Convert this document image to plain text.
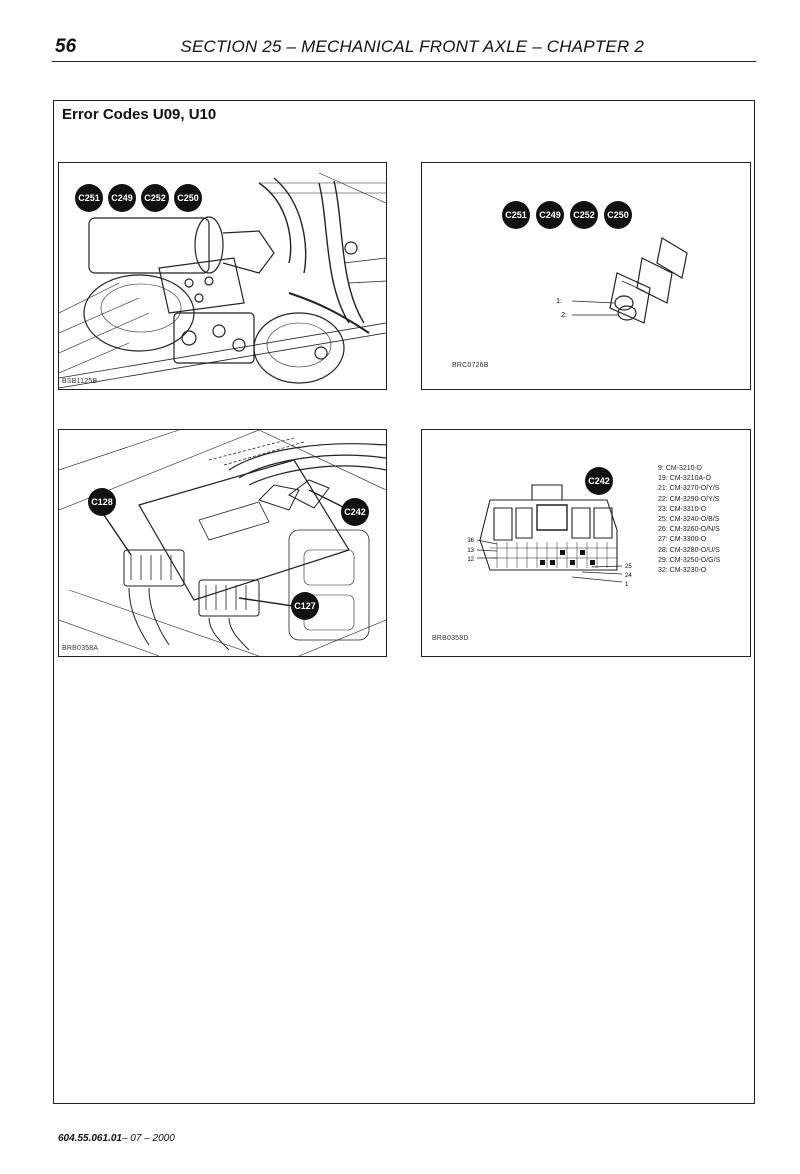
56	SECTION 25 – MECHANICAL FRONT AXLE – CHAPTER 2
Error Codes U09, U10
C251 C249 C252 C250
BSB1125B
C251 C249 C252 C250
1:
2:
BRC0726B
C128
C242
C127
BRB0358A
C242
36
13
12
25
24
1
9: CM-3210-D
19: CM-3210A-O
21: CM-3270-O/Y/S
22: CM-3290-O/Y/S
23: CM-3310-O
25: CM-3240-O/B/S
26: CM-3260-O/N/S
27: CM-3300-O
28: CM-3280-O/U/S
29: CM-3250-O/G/S
32: CM-3230-O
BRB0358D
604.55.061.01– 07 – 2000
